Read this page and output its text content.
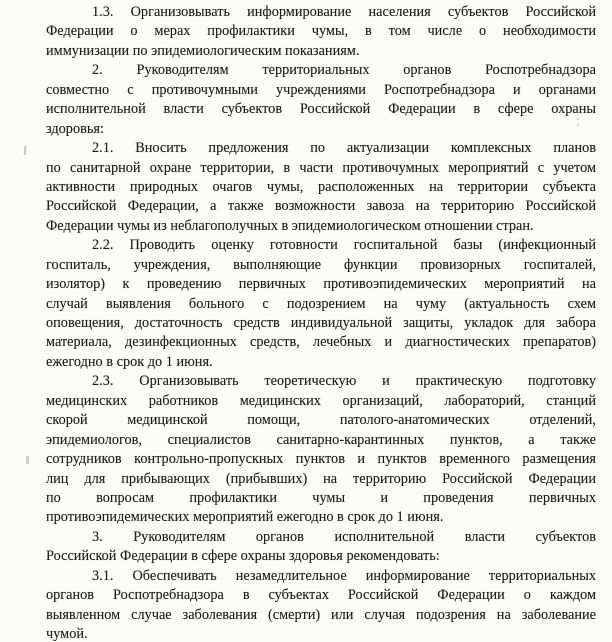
1.3. Организовывать информирование населения субъектов Российской
Федерации о мерах профилактики чумы, в том числе о необходимости
иммунизации по эпидемиологическим показаниям.
2. Руководителям территориальных органов Роспотребнадзора
совместно с противочумными учреждениями Роспотребнадзора и органами
исполнительной власти субъектов Российской Федерации в сфере охраны
здоровья:
2.1. Вносить предложения по актуализации комплексных планов
по санитарной охране территории, в части противочумных мероприятий с учетом
активности природных очагов чумы, расположенных на территории субъекта
Российской Федерации, а также возможности завоза на территорию Российской
Федерации чумы из неблагополучных в эпидемиологическом отношении стран.
2.2. Проводить оценку готовности госпитальной базы (инфекционный
госпиталь, учреждения, выполняющие функции провизорных госпиталей,
изолятор) к проведению первичных противоэпидемических мероприятий на
случай выявления больного с подозрением на чуму (актуальность схем
оповещения, достаточность средств индивидуальной защиты, укладок для забора
материала, дезинфекционных средств, лечебных и диагностических препаратов)
ежегодно в срок до 1 июня.
2.3. Организовывать теоретическую и практическую подготовку
медицинских работников медицинских организаций, лабораторий, станций
скорой медицинской помощи, патолого-анатомических отделений,
эпидемиологов, специалистов санитарно-карантинных пунктов, а также
сотрудников контрольно-пропускных пунктов и пунктов временного размещения
лиц для прибывающих (прибывших) на территорию Российской Федерации
по вопросам профилактики чумы и проведения первичных
противоэпидемических мероприятий ежегодно в срок до 1 июня.
3. Руководителям органов исполнительной власти субъектов
Российской Федерации в сфере охраны здоровья рекомендовать:
3.1. Обеспечивать незамедлительное информирование территориальных
органов Роспотребнадзора в субъектах Российской Федерации о каждом
выявленном случае заболевания (смерти) или случая подозрения на заболевание
чумой.
